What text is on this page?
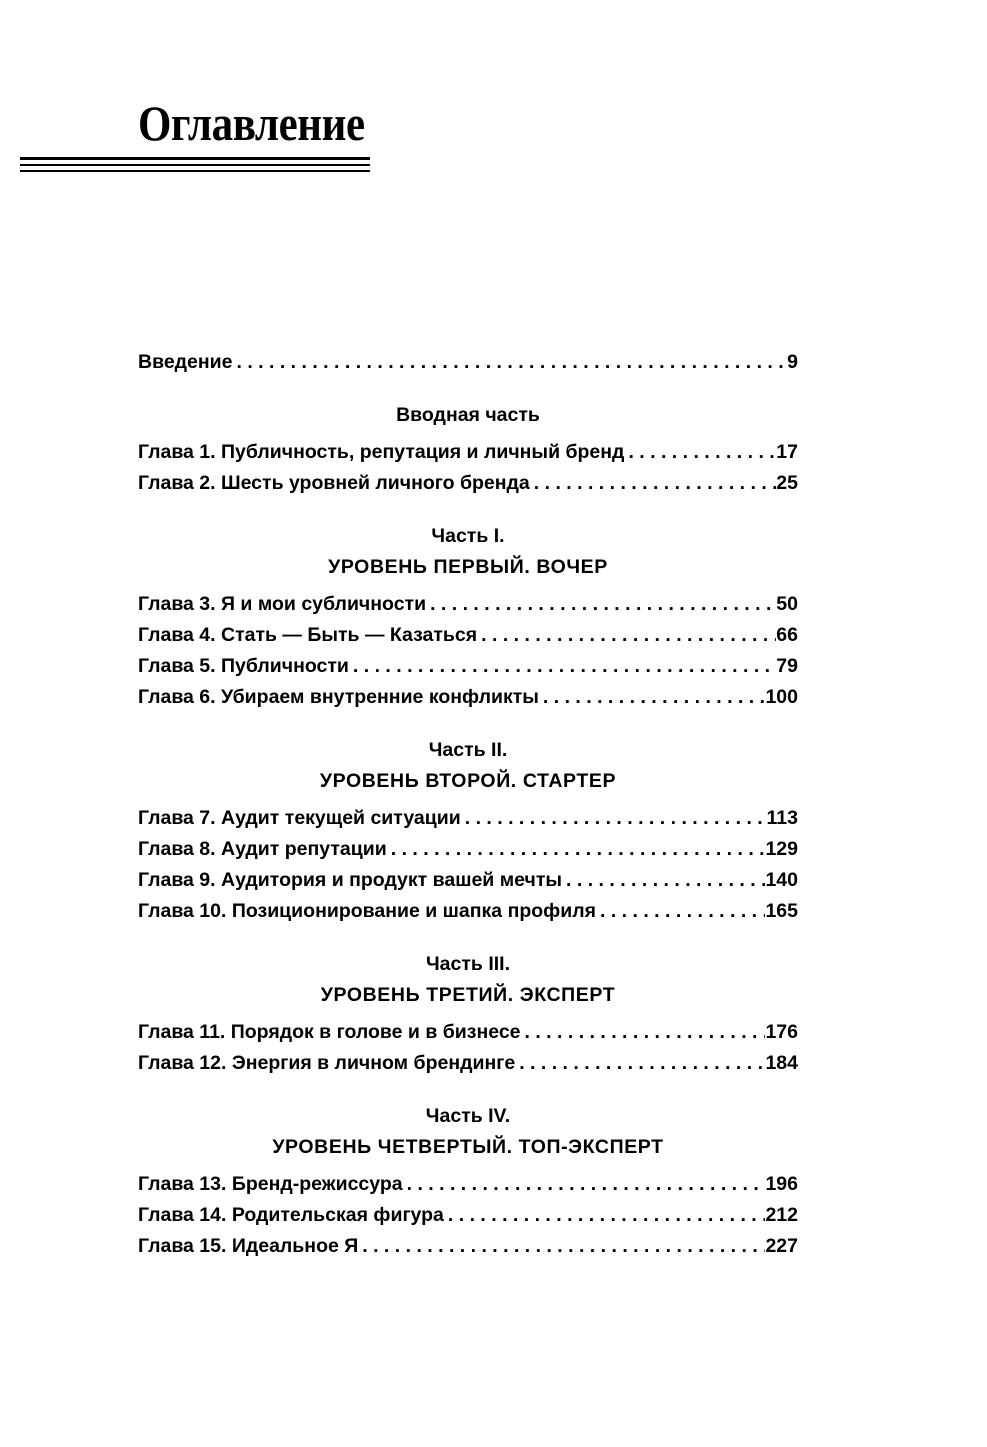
Оглавление
Введение . . .	9
Вводная часть
Глава 1. Публичность, репутация и личный бренд . . .	17
Глава 2. Шесть уровней личного бренда . . .	25
Часть I.
УРОВЕНЬ ПЕРВЫЙ. ВОЧЕР
Глава 3. Я и мои субличности . . .	50
Глава 4. Стать — Быть — Казаться . . .	66
Глава 5. Публичности . . .	79
Глава 6. Убираем внутренние конфликты . . .	100
Часть II.
УРОВЕНЬ ВТОРОЙ. СТАРТЕР
Глава 7. Аудит текущей ситуации . . .	113
Глава 8. Аудит репутации . . .	129
Глава 9. Аудитория и продукт вашей мечты . . .	140
Глава 10. Позиционирование и шапка профиля . . .	165
Часть III.
УРОВЕНЬ ТРЕТИЙ. ЭКСПЕРТ
Глава 11. Порядок в голове и в бизнесе . . .	176
Глава 12. Энергия в личном брендинге . . .	184
Часть IV.
УРОВЕНЬ ЧЕТВЕРТЫЙ. ТОП-ЭКСПЕРТ
Глава 13. Бренд-режиссура . . .	196
Глава 14. Родительская фигура . . .	212
Глава 15. Идеальное Я . . .	227
